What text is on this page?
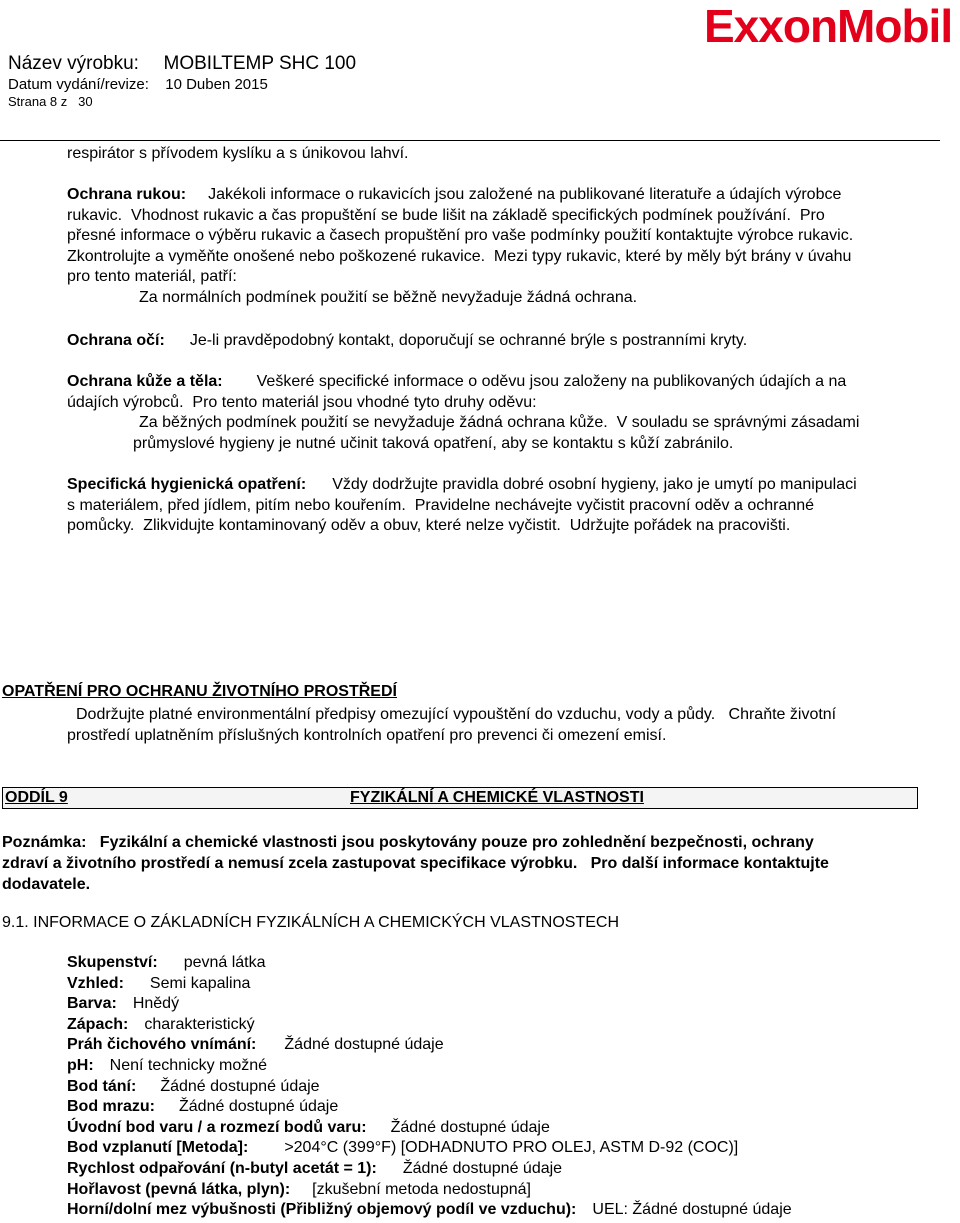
ExxonMobil
Název výrobku: MOBILTEMP SHC 100
Datum vydání/revize: 10 Duben 2015
Strana 8 z   30
respirátor s přívodem kyslíku a s únikovou lahví.
Ochrana rukou: Jakékoli informace o rukavicích jsou založené na publikované literatuře a údajích výrobce
rukavic.  Vhodnost rukavic a čas propuštění se bude lišit na základě specifických podmínek používání.  Pro
přesné informace o výběru rukavic a časech propuštění pro vaše podmínky použití kontaktujte výrobce rukavic.
Zkontrolujte a vyměňte onošené nebo poškozené rukavice.  Mezi typy rukavic, které by měly být brány v úvahu
pro tento materiál, patří:
Za normálních podmínek použití se běžně nevyžaduje žádná ochrana.
Ochrana očí: Je-li pravděpodobný kontakt, doporučují se ochranné brýle s postranními kryty.
Ochrana kůže a těla: Veškeré specifické informace o oděvu jsou založeny na publikovaných údajích a na
údajích výrobců.  Pro tento materiál jsou vhodné tyto druhy oděvu:
Za běžných podmínek použití se nevyžaduje žádná ochrana kůže.  V souladu se správnými zásadami
průmyslové hygieny je nutné učinit taková opatření, aby se kontaktu s kůží zabránilo.
Specifická hygienická opatření: Vždy dodržujte pravidla dobré osobní hygieny, jako je umytí po manipulaci
s materiálem, před jídlem, pitím nebo kouřením.  Pravidelne nechávejte vyčistit pracovní oděv a ochranné
pomůcky.  Zlikvidujte kontaminovaný oděv a obuv, které nelze vyčistit.  Udržujte pořádek na pracovišti.
OPATŘENÍ PRO OCHRANU ŽIVOTNÍHO PROSTŘEDÍ
Dodržujte platné environmentální předpisy omezující vypouštění do vzduchu, vody a půdy.   Chraňte životní
prostředí uplatněním příslušných kontrolních opatření pro prevenci či omezení emisí.
ODDÍL 9	FYZIKÁLNÍ A CHEMICKÉ VLASTNOSTI
Poznámka:   Fyzikální a chemické vlastnosti jsou poskytovány pouze pro zohlednění bezpečnosti, ochrany
zdraví a životního prostředí a nemusí zcela zastupovat specifikace výrobku.   Pro další informace kontaktujte
dodavatele.
9.1. INFORMACE O ZÁKLADNÍCH FYZIKÁLNÍCH A CHEMICKÝCH VLASTNOSTECH
Skupenství: pevná látka
Vzhled: Semi kapalina
Barva: Hnědý
Zápach: charakteristický
Práh čichového vnímání: Žádné dostupné údaje
pH: Není technicky možné
Bod tání: Žádné dostupné údaje
Bod mrazu: Žádné dostupné údaje
Úvodní bod varu / a rozmezí bodů varu: Žádné dostupné údaje
Bod vzplanutí [Metoda]: >204°C (399°F) [ODHADNUTO PRO OLEJ, ASTM D-92 (COC)]
Rychlost odpařování (n-butyl acetát = 1): Žádné dostupné údaje
Hořlavost (pevná látka, plyn): [zkušební metoda nedostupná]
Horní/dolní mez výbušnosti (Přibližný objemový podíl ve vzduchu): UEL: Žádné dostupné údaje
